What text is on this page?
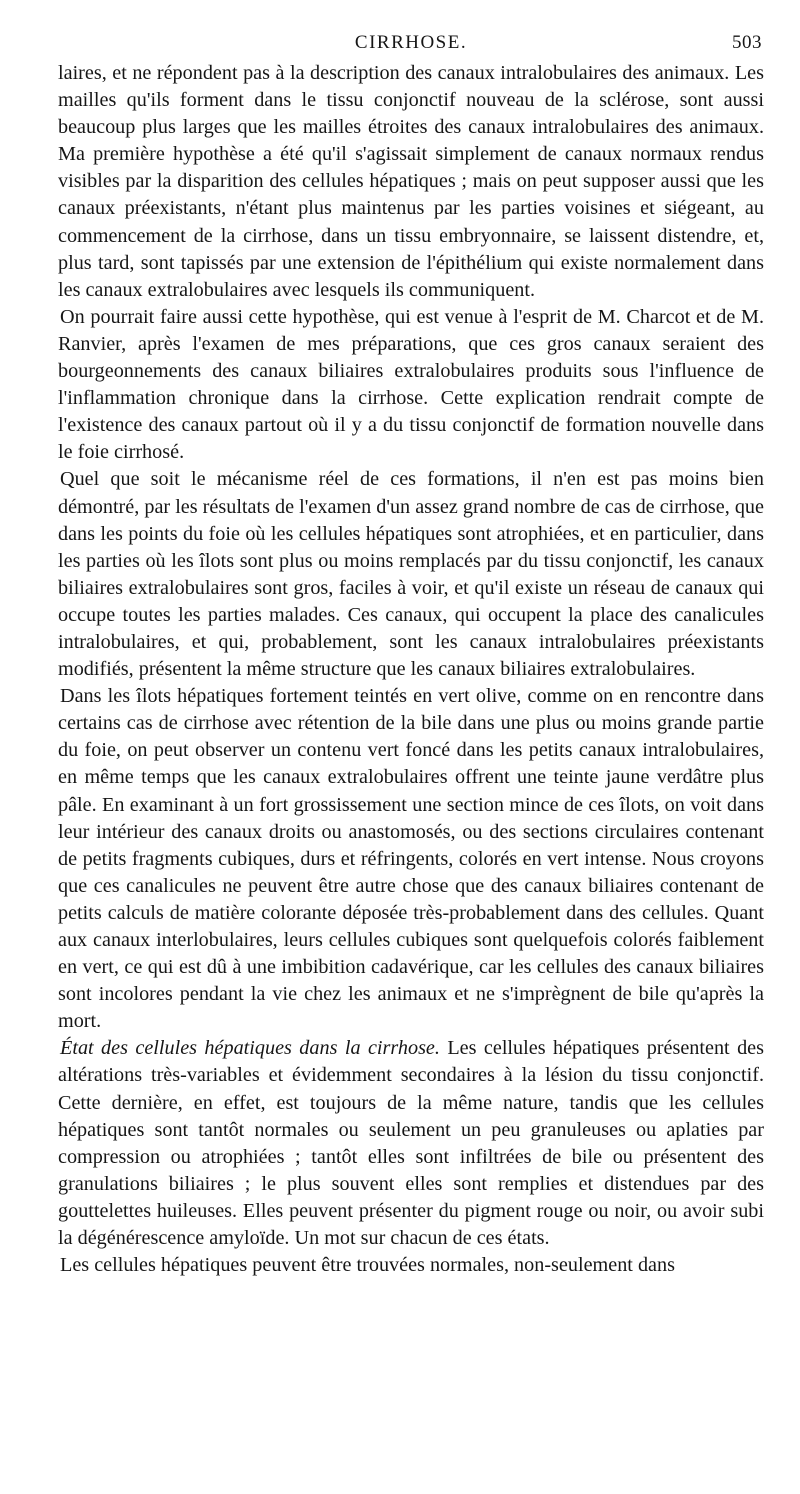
CIRRHOSE.	503

laires, et ne répondent pas à la description des canaux intralobulaires des animaux. Les mailles qu'ils forment dans le tissu conjonctif nouveau de la sclérose, sont aussi beaucoup plus larges que les mailles étroites des canaux intralobulaires des animaux. Ma première hypothèse a été qu'il s'agissait simplement de canaux normaux rendus visibles par la disparition des cellules hépatiques ; mais on peut supposer aussi que les canaux préexistants, n'étant plus maintenus par les parties voisines et siégeant, au commencement de la cirrhose, dans un tissu embryonnaire, se laissent distendre, et, plus tard, sont tapissés par une extension de l'épithélium qui existe normalement dans les canaux extralobulaires avec lesquels ils communiquent.

On pourrait faire aussi cette hypothèse, qui est venue à l'esprit de M. Charcot et de M. Ranvier, après l'examen de mes préparations, que ces gros canaux seraient des bourgeonnements des canaux biliaires extralobulaires produits sous l'influence de l'inflammation chronique dans la cirrhose. Cette explication rendrait compte de l'existence des canaux partout où il y a du tissu conjonctif de formation nouvelle dans le foie cirrhosé.

Quel que soit le mécanisme réel de ces formations, il n'en est pas moins bien démontré, par les résultats de l'examen d'un assez grand nombre de cas de cirrhose, que dans les points du foie où les cellules hépatiques sont atrophiées, et en particulier, dans les parties où les îlots sont plus ou moins remplacés par du tissu conjonctif, les canaux biliaires extralobulaires sont gros, faciles à voir, et qu'il existe un réseau de canaux qui occupe toutes les parties malades. Ces canaux, qui occupent la place des canalicules intralobulaires, et qui, probablement, sont les canaux intralobulaires préexistants modifiés, présentent la même structure que les canaux biliaires extralobulaires.

Dans les îlots hépatiques fortement teintés en vert olive, comme on en rencontre dans certains cas de cirrhose avec rétention de la bile dans une plus ou moins grande partie du foie, on peut observer un contenu vert foncé dans les petits canaux intralobulaires, en même temps que les canaux extralobulaires offrent une teinte jaune verdâtre plus pâle. En examinant à un fort grossissement une section mince de ces îlots, on voit dans leur intérieur des canaux droits ou anastomosés, ou des sections circulaires contenant de petits fragments cubiques, durs et réfringents, colorés en vert intense. Nous croyons que ces canalicules ne peuvent être autre chose que des canaux biliaires contenant de petits calculs de matière colorante déposée très-probablement dans des cellules. Quant aux canaux interlobulaires, leurs cellules cubiques sont quelquefois colorés faiblement en vert, ce qui est dû à une imbibition cadavérique, car les cellules des canaux biliaires sont incolores pendant la vie chez les animaux et ne s'imprègnent de bile qu'après la mort.

État des cellules hépatiques dans la cirrhose. Les cellules hépatiques présentent des altérations très-variables et évidemment secondaires à la lésion du tissu conjonctif. Cette dernière, en effet, est toujours de la même nature, tandis que les cellules hépatiques sont tantôt normales ou seulement un peu granuleuses ou aplaties par compression ou atrophiées ; tantôt elles sont infiltrées de bile ou présentent des granulations biliaires ; le plus souvent elles sont remplies et distendues par des gouttelettes huileuses. Elles peuvent présenter du pigment rouge ou noir, ou avoir subi la dégénérescence amyloïde. Un mot sur chacun de ces états.

Les cellules hépatiques peuvent être trouvées normales, non-seulement dans
